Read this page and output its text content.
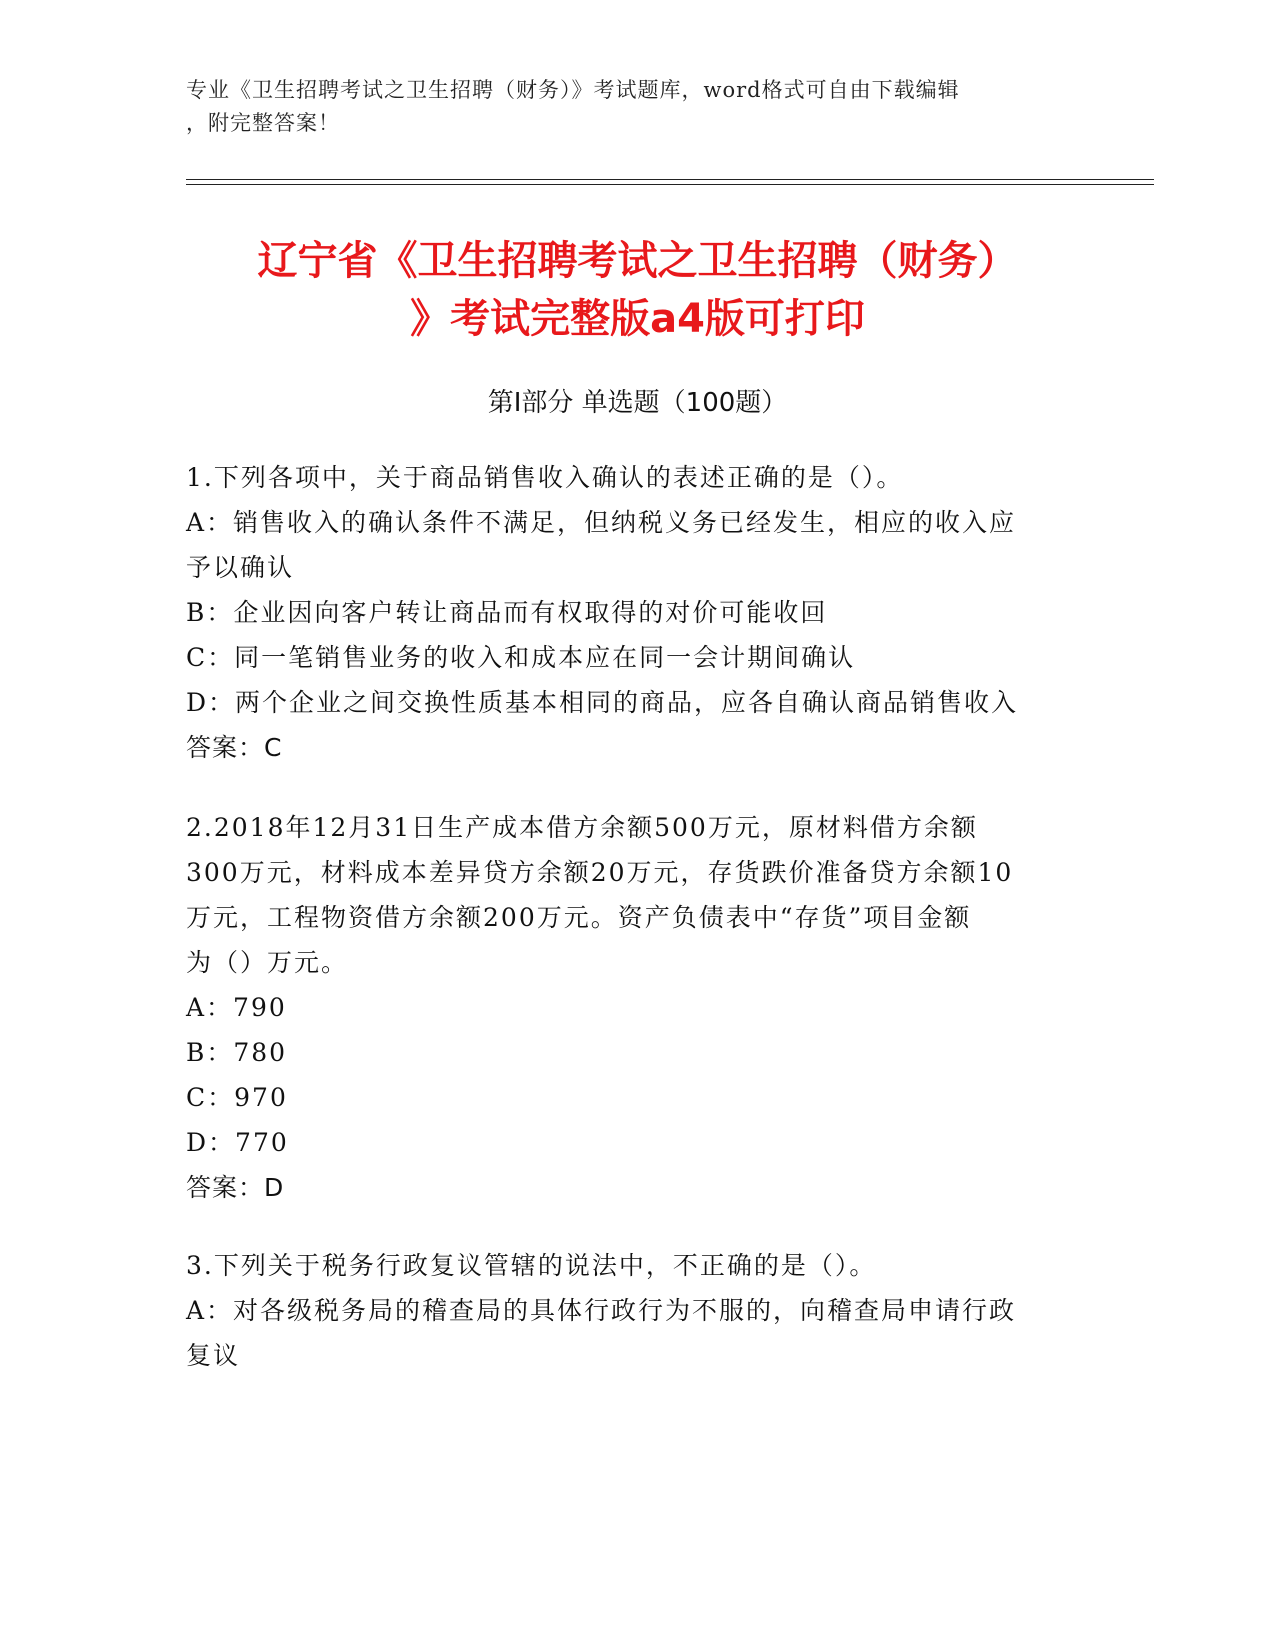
专业《卫生招聘考试之卫生招聘（财务）》考试题库，word格式可自由下载编辑
，附完整答案！
辽宁省《卫生招聘考试之卫生招聘（财务）
》考试完整版a4版可打印
第Ⅰ部分 单选题（100题）
1.下列各项中，关于商品销售收入确认的表述正确的是（）。
A：销售收入的确认条件不满足，但纳税义务已经发生，相应的收入应
予以确认
B：企业因向客户转让商品而有权取得的对价可能收回
C：同一笔销售业务的收入和成本应在同一会计期间确认
D：两个企业之间交换性质基本相同的商品，应各自确认商品销售收入
答案：C
2.2018年12月31日生产成本借方余额500万元，原材料借方余额
300万元，材料成本差异贷方余额20万元，存货跌价准备贷方余额10
万元，工程物资借方余额200万元。资产负债表中“存货”项目金额
为（）万元。
A：790
B：780
C：970
D：770
答案：D
3.下列关于税务行政复议管辖的说法中，不正确的是（）。
A：对各级税务局的稽查局的具体行政行为不服的，向稽查局申请行政
复议
